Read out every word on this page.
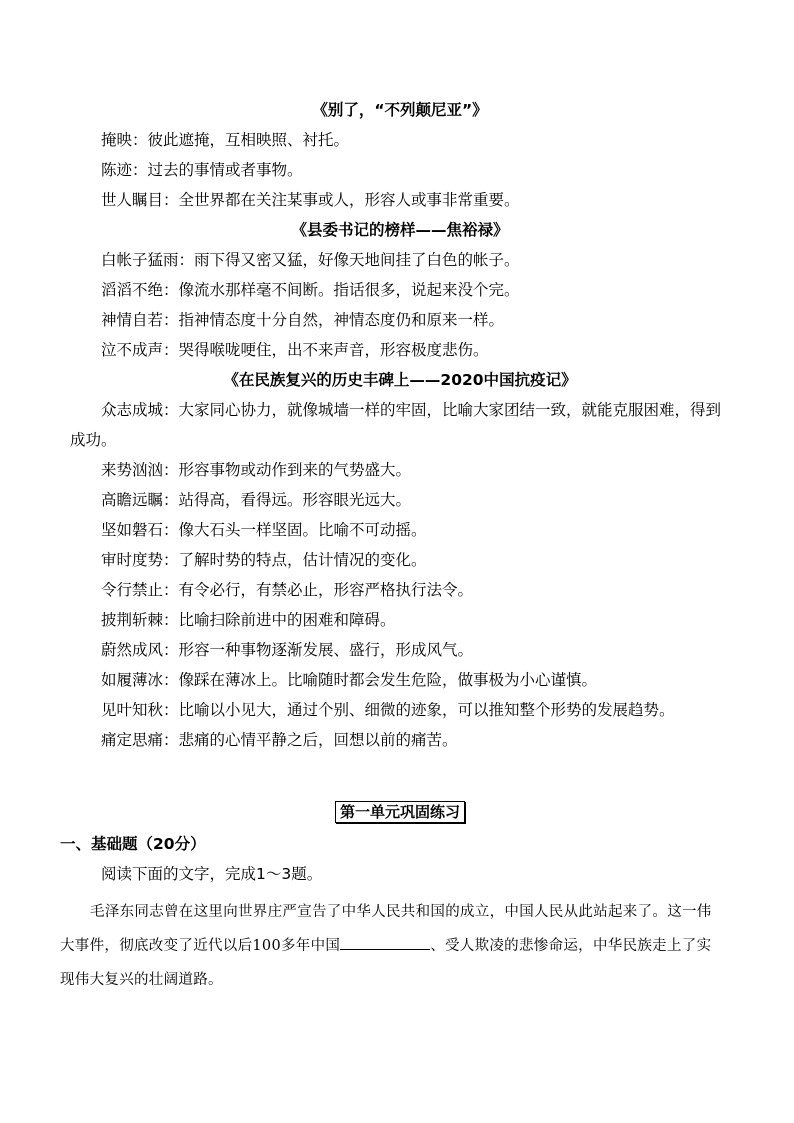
《别了，“不列颠尼亚”》

掩映：彼此遮掩，互相映照、衬托。

陈迹：过去的事情或者事物。

世人瞩目：全世界都在关注某事或人，形容人或事非常重要。

《县委书记的榜样——焦裕禄》

白帐子猛雨：雨下得又密又猛，好像天地间挂了白色的帐子。

滔滔不绝：像流水那样毫不间断。指话很多，说起来没个完。

神情自若：指神情态度十分自然，神情态度仍和原来一样。

泣不成声：哭得喉咙哽住，出不来声音，形容极度悲伤。

《在民族复兴的历史丰碑上——2020中国抗疫记》

众志成城：大家同心协力，就像城墙一样的牢固，比喻大家团结一致，就能克服困难，得到成功。

来势汹汹：形容事物或动作到来的气势盛大。

高瞻远瞩：站得高，看得远。形容眼光远大。

坚如磐石：像大石头一样坚固。比喻不可动摇。

审时度势：了解时势的特点，估计情况的变化。

令行禁止：有令必行，有禁必止，形容严格执行法令。

披荆斩棘：比喻扫除前进中的困难和障碍。

蔚然成风：形容一种事物逐渐发展、盛行，形成风气。

如履薄冰：像踩在薄冰上。比喻随时都会发生危险，做事极为小心谨慎。

见叶知秋：比喻以小见大，通过个别、细微的迹象，可以推知整个形势的发展趋势。

痛定思痛：悲痛的心情平静之后，回想以前的痛苦。

第一单元巩固练习

一、基础题（20分）

阅读下面的文字，完成1～3题。

毛泽东同志曾在这里向世界庄严宣告了中华人民共和国的成立，中国人民从此站起来了。这一伟大事件，彻底改变了近代以后100多年中国	、受人欺凌的悲惨命运，中华民族走上了实现伟大复兴的壮阔道路。
